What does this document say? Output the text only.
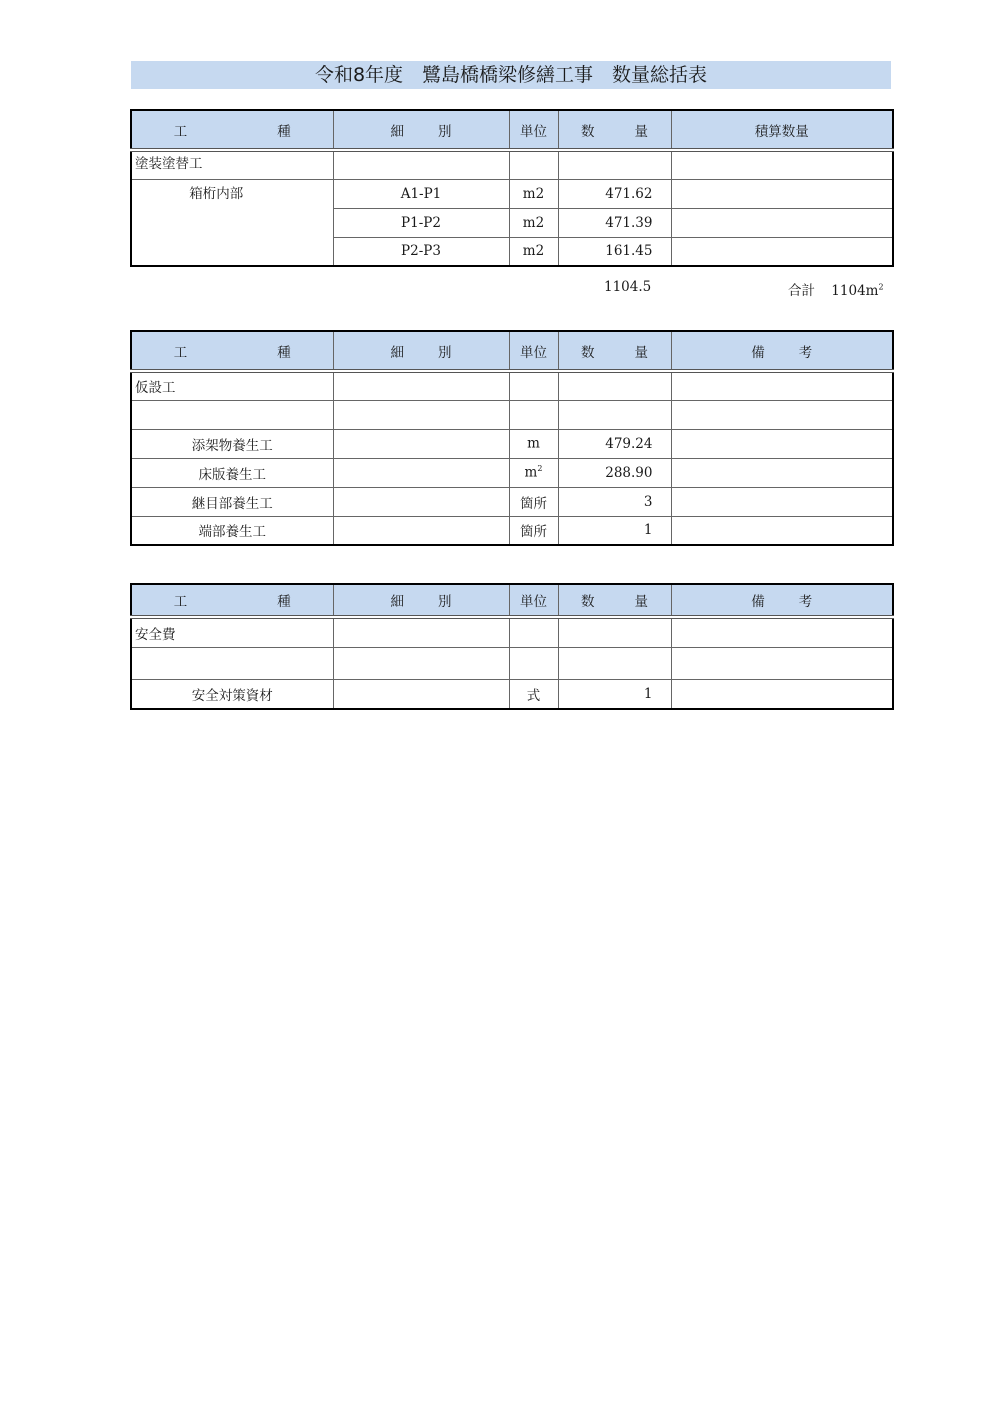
令和8年度　鷺島橋橋梁修繕工事　数量総括表
工 種	細 別	単位	数 量	積算数量
塗装塗替工				
箱桁内部	A1-P1	m2	471.62	
	P1-P2	m2	471.39	
	P2-P3	m2	161.45	
1104.5	合計 $1104m^2$
工 種	細 別	単位	数 量	備 考
仮設工				

添架物養生工		m	479.24	
床版養生工		$m^2$	288.90	
継目部養生工		箇所	3	
端部養生工		箇所	1	
工 種	細 別	単位	数 量	備 考
安全費				

安全対策資材		式	1	
